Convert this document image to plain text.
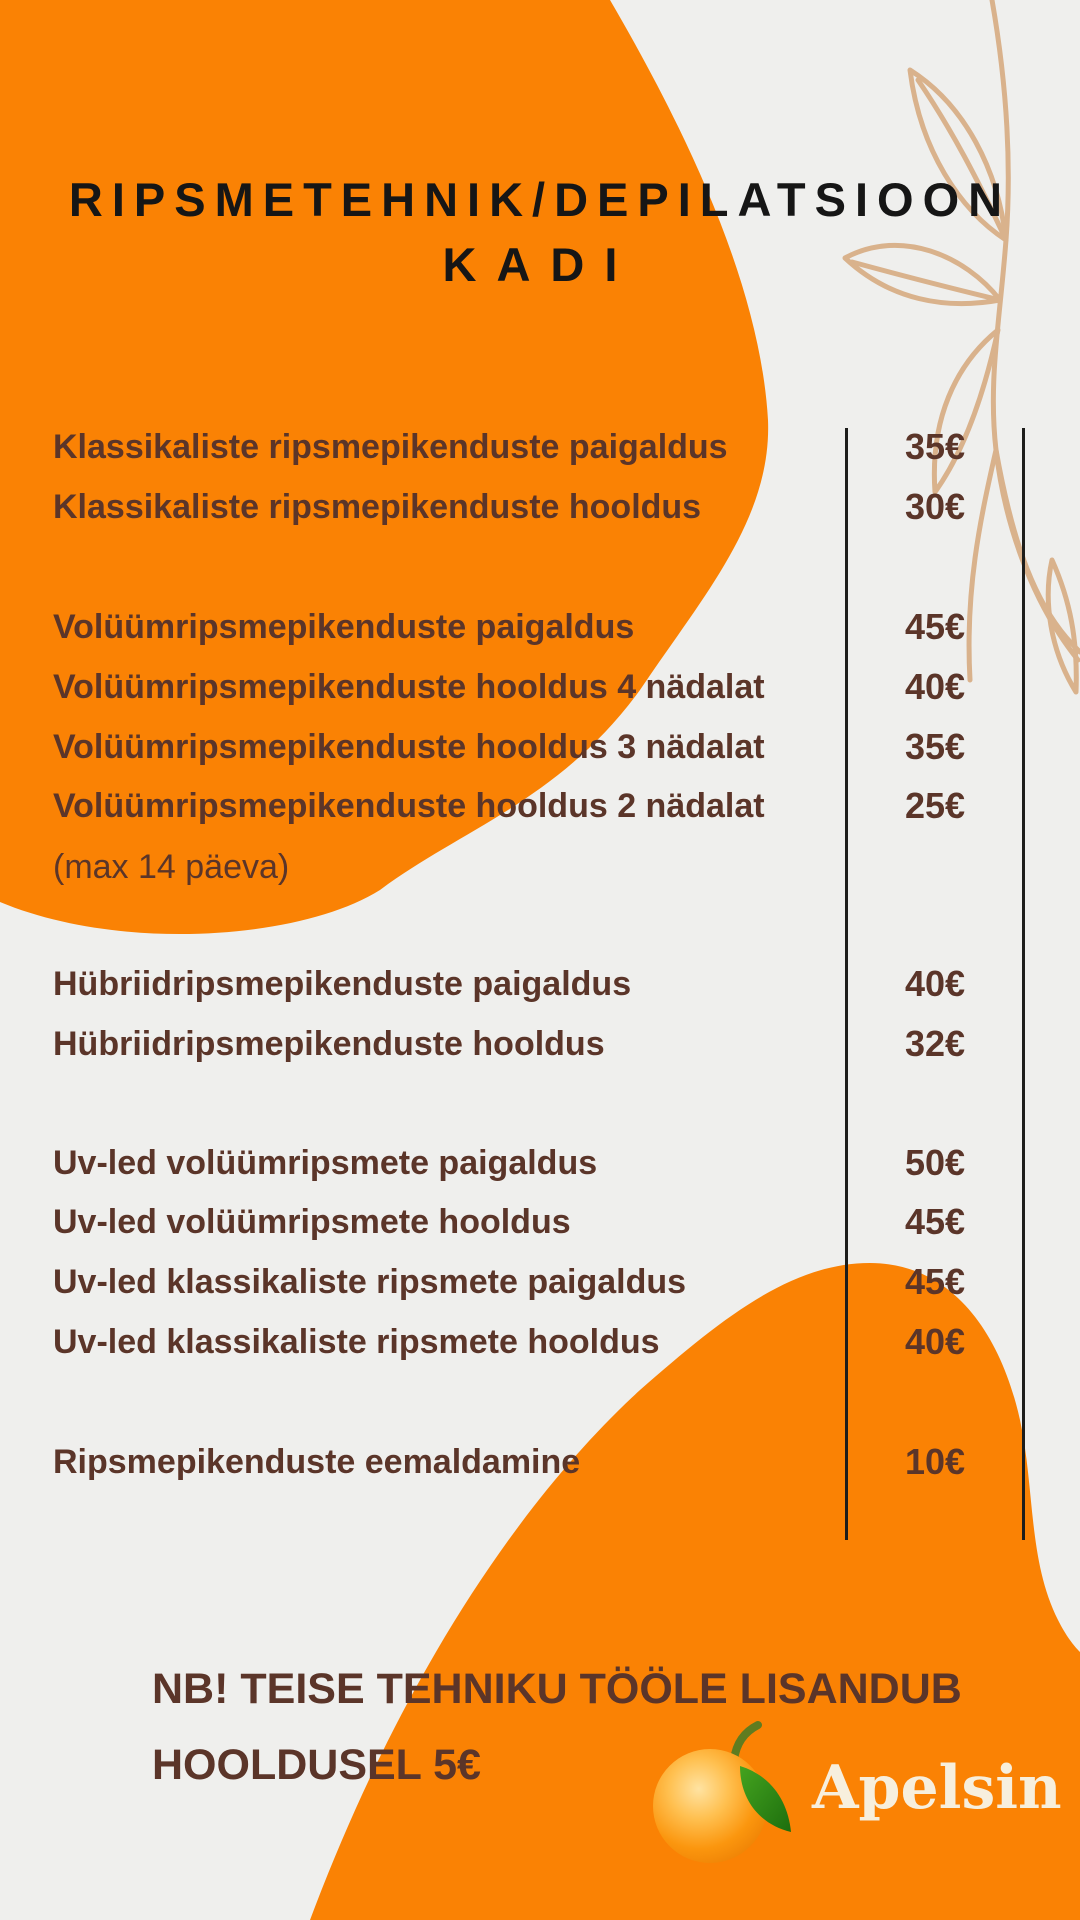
RIPSMETEHNIK/DEPILATSIOON
KADI
Klassikaliste ripsmepikenduste paigaldus	35€
Klassikaliste ripsmepikenduste hooldus	30€
Volüümripsmepikenduste paigaldus	45€
Volüümripsmepikenduste hooldus 4 nädalat	40€
Volüümripsmepikenduste hooldus 3 nädalat	35€
Volüümripsmepikenduste hooldus 2 nädalat	25€
(max 14 päeva)
Hübriidripsmepikenduste paigaldus	40€
Hübriidripsmepikenduste hooldus	32€
Uv-led volüümripsmete paigaldus	50€
Uv-led volüümripsmete hooldus	45€
Uv-led klassikaliste ripsmete paigaldus	45€
Uv-led klassikaliste ripsmete hooldus	40€
Ripsmepikenduste eemaldamine	10€
NB! TEISE TEHNIKU TÖÖLE LISANDUB
HOOLDUSEL 5€	Apelsin
